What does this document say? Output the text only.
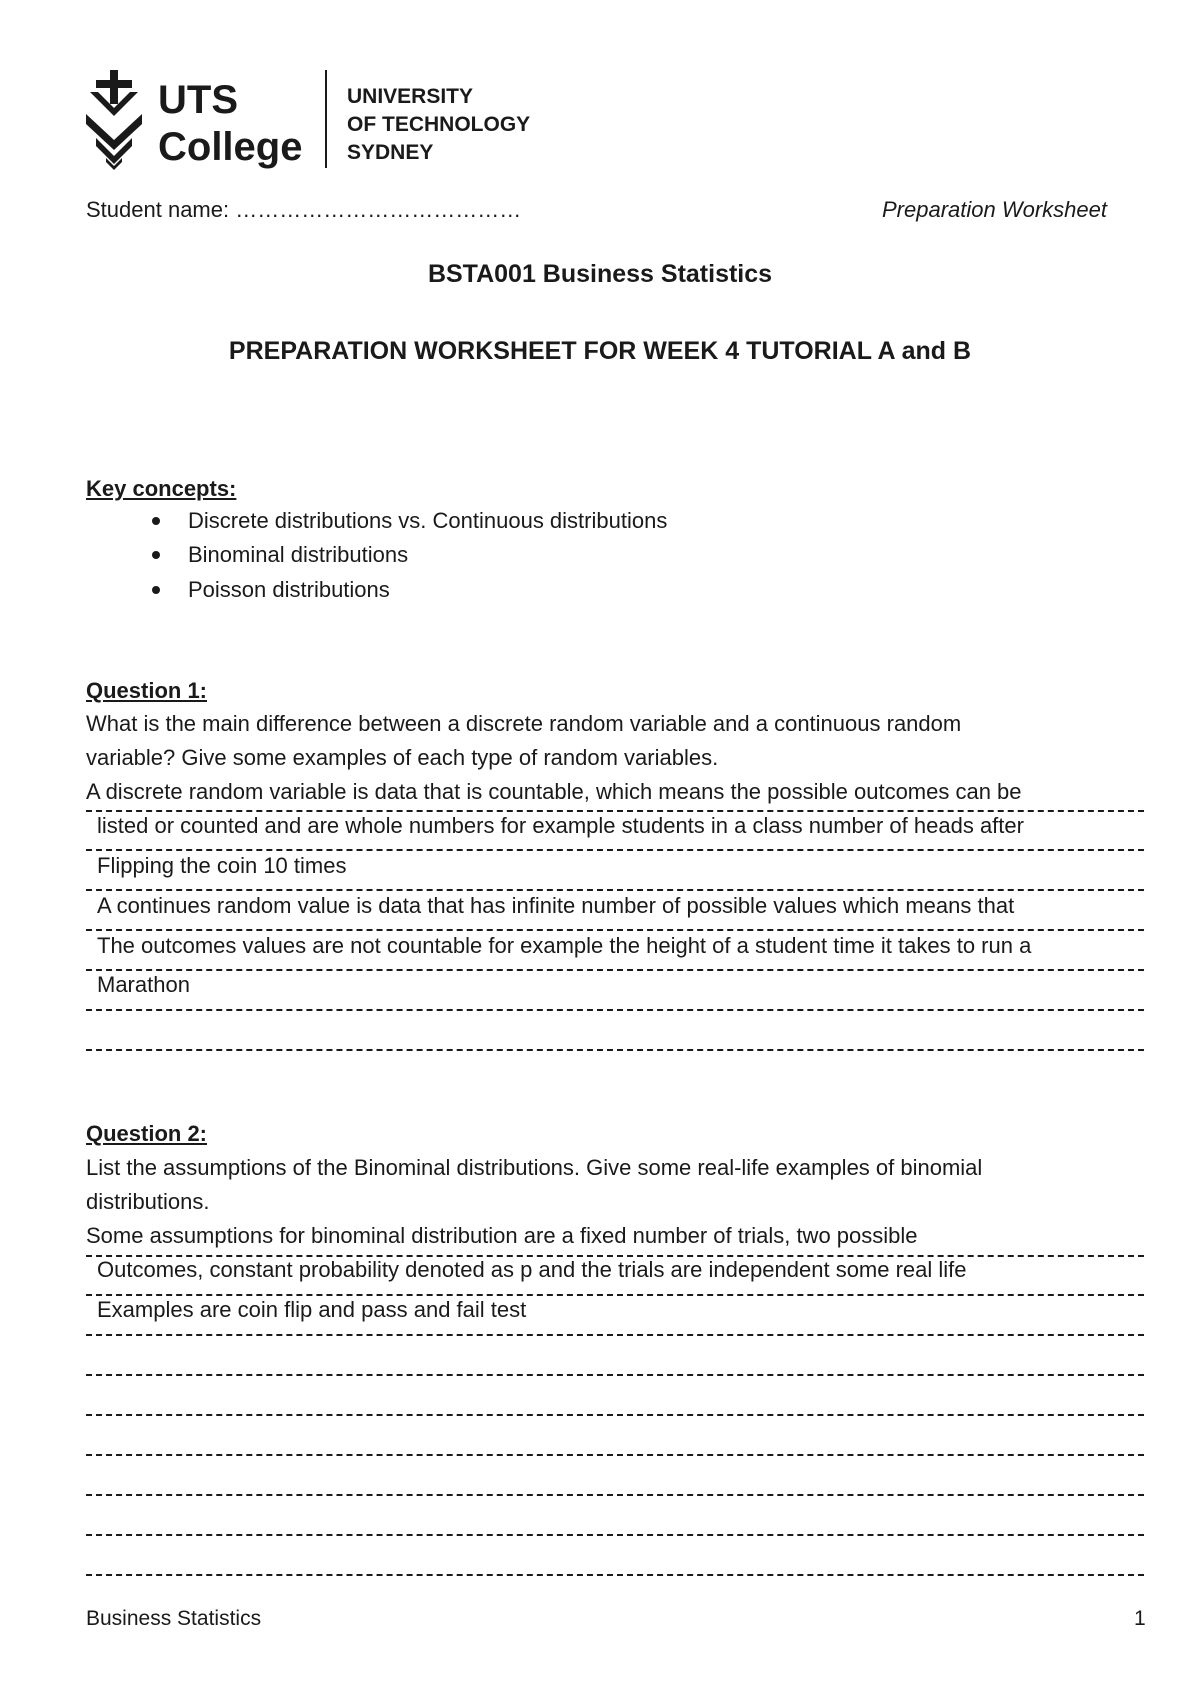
UTS
College
UNIVERSITY
OF TECHNOLOGY
SYDNEY
Student name: …………………………………	Preparation Worksheet
BSTA001 Business Statistics
PREPARATION WORKSHEET FOR WEEK 4 TUTORIAL A and B
Key concepts:
Discrete distributions vs. Continuous distributions
Binominal distributions
Poisson distributions
Question 1:
What is the main difference between a discrete random variable and a continuous random
variable? Give some examples of each type of random variables.
A discrete random variable is data that is countable, which means the possible outcomes can be
listed or counted and are whole numbers for example students in a class number of heads after
Flipping the coin 10 times
A continues random value is data that has infinite number of possible values which means that
The outcomes values are not countable for example the height of a student time it takes to run a
Marathon
Question 2:
List the assumptions of the Binominal distributions. Give some real-life examples of binomial
distributions.
Some assumptions for binominal distribution are a fixed number of trials, two possible
Outcomes, constant probability denoted as p and the trials are independent some real life
Examples are coin flip and pass and fail test
Business Statistics	1
